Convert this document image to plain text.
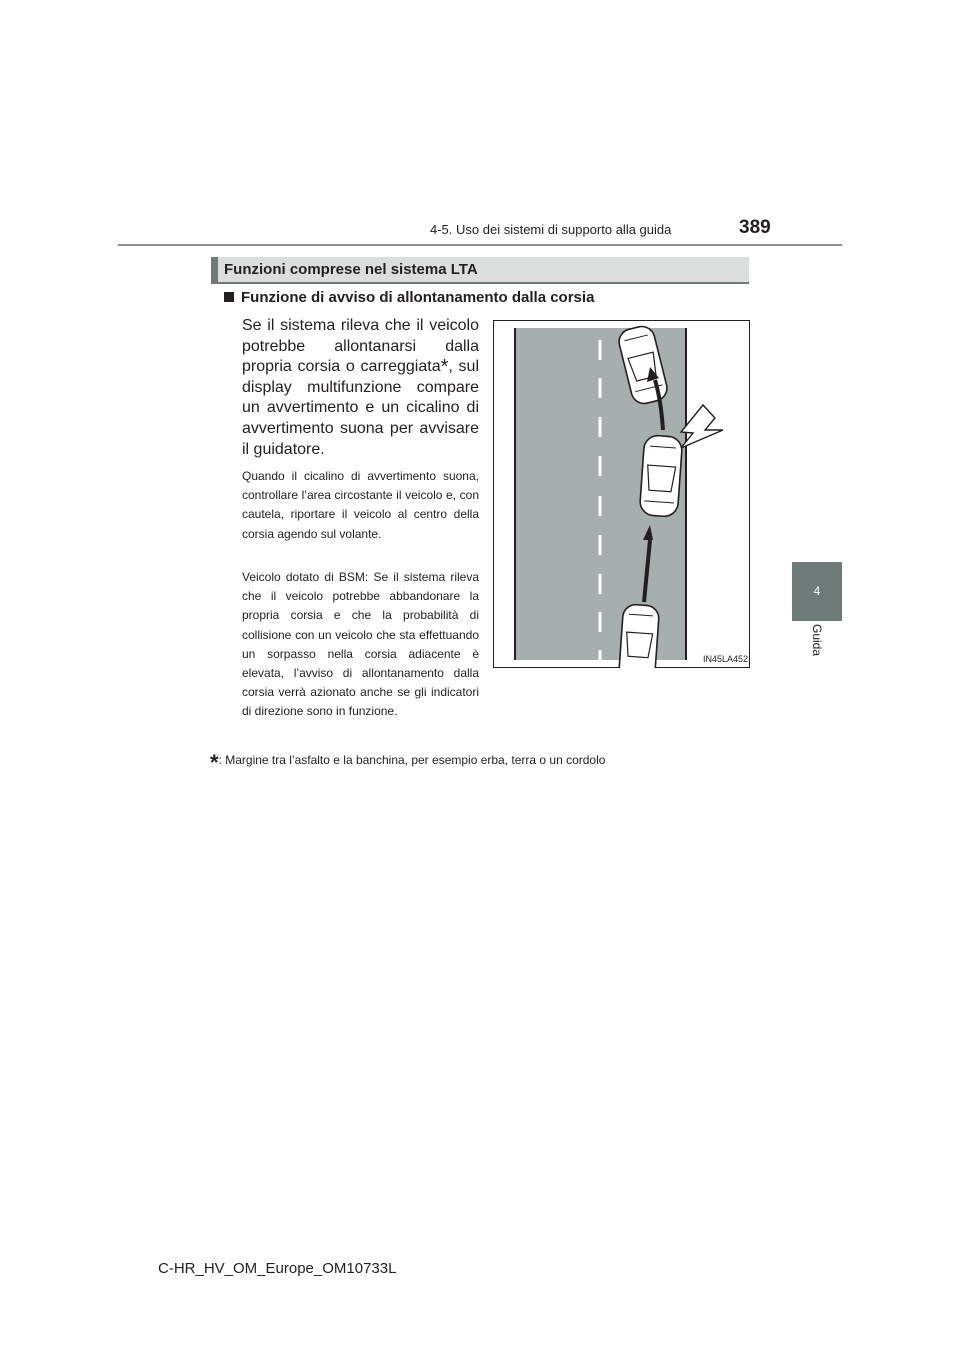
4-5. Uso dei sistemi di supporto alla guida	389
4
Guida
Funzioni comprese nel sistema LTA
Funzione di avviso di allontanamento dalla corsia
Se il sistema rileva che il veicolo potrebbe allontanarsi dalla propria corsia o carreggiata*, sul display multifunzione compare un avvertimento e un cicalino di avvertimento suona per avvisare il guidatore.
Quando il cicalino di avvertimento suona, controllare l’area circostante il veicolo e, con cautela, riportare il veicolo al centro della corsia agendo sul volante.
Veicolo dotato di BSM: Se il sistema rileva che il veicolo potrebbe abbandonare la propria corsia e che la probabilità di collisione con un veicolo che sta effettuando un sorpasso nella corsia adiacente è elevata, l’avviso di allontanamento dalla corsia verrà azionato anche se gli indicatori di direzione sono in funzione.
IN45LA452
*: Margine tra l’asfalto e la banchina, per esempio erba, terra o un cordolo
C-HR_HV_OM_Europe_OM10733L
